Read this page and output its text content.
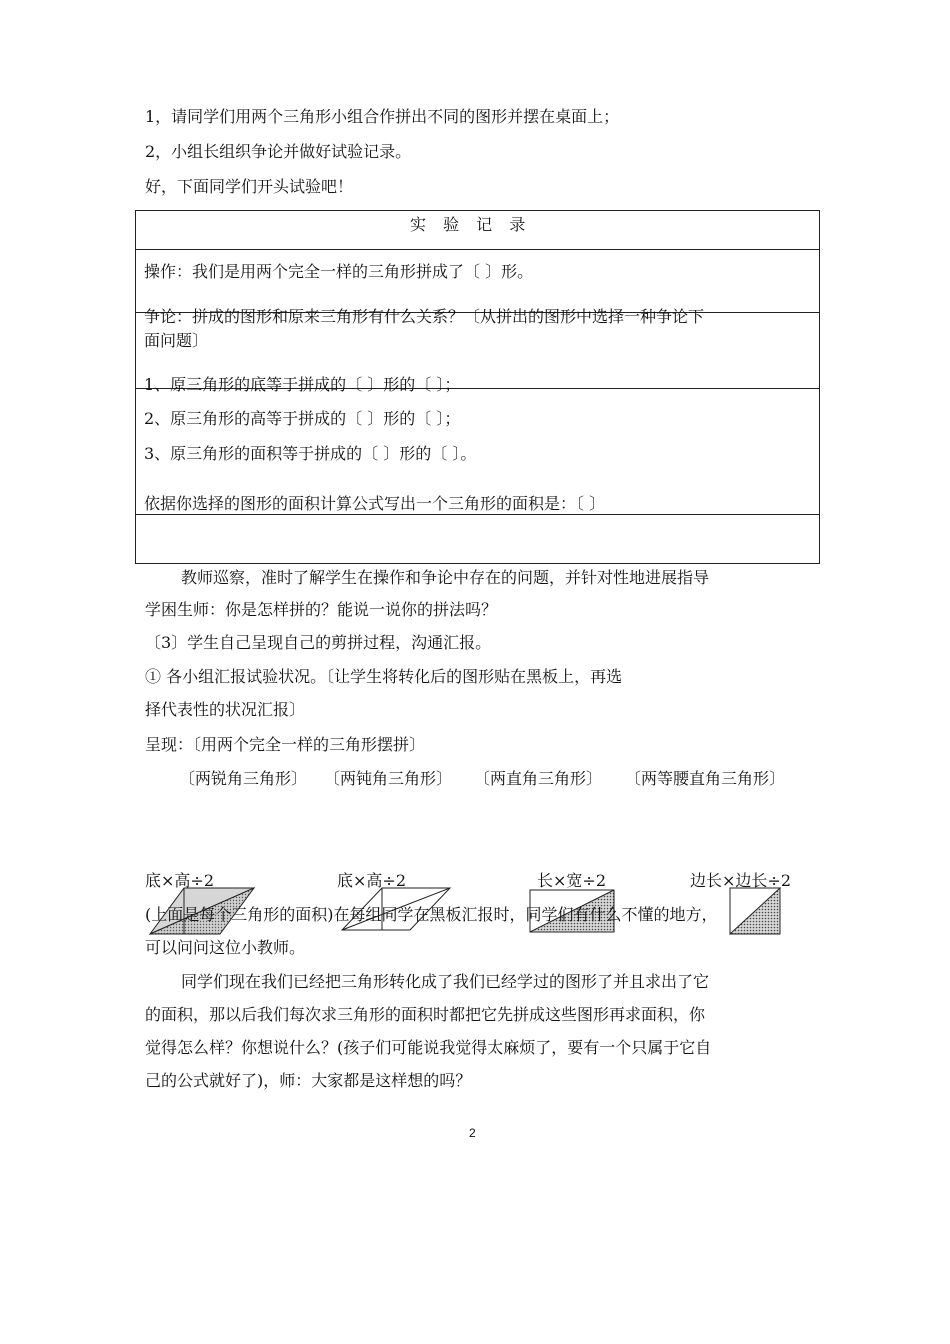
1，请同学们用两个三角形小组合作拼出不同的图形并摆在桌面上；
2，小组长组织争论并做好试验记录。
好，下面同学们开头试验吧！
实 验 记 录
操作：我们是用两个完全一样的三角形拼成了〔 〕形。
争论：拼成的图形和原来三角形有什么关系？〔从拼出的图形中选择一种争论下
面问题〕
1、原三角形的底等于拼成的〔 〕形的〔 〕；
2、原三角形的高等于拼成的〔 〕形的〔 〕；
3、原三角形的面积等于拼成的〔 〕形的〔 〕。
依据你选择的图形的面积计算公式写出一个三角形的面积是：〔 〕
教师巡察，准时了解学生在操作和争论中存在的问题，并针对性地进展指导
学困生师：你是怎样拼的？能说一说你的拼法吗？
〔3〕学生自己呈现自己的剪拼过程，沟通汇报。
① 各小组汇报试验状况。〔让学生将转化后的图形贴在黑板上，再选
择代表性的状况汇报〕
呈现：〔用两个完全一样的三角形摆拼〕
〔两锐角三角形〕 〔两钝角三角形〕 〔两直角三角形〕 〔两等腰直角三角形〕
底×高÷2	底×高÷2	长×宽÷2	边长×边长÷2
(上面是每个三角形的面积)在每组同学在黑板汇报时，同学们有什么不懂的地方，
可以问问这位小教师。
同学们现在我们已经把三角形转化成了我们已经学过的图形了并且求出了它
的面积，那以后我们每次求三角形的面积时都把它先拼成这些图形再求面积，你
觉得怎么样？你想说什么？(孩子们可能说我觉得太麻烦了，要有一个只属于它自
己的公式就好了)，师：大家都是这样想的吗？
2
